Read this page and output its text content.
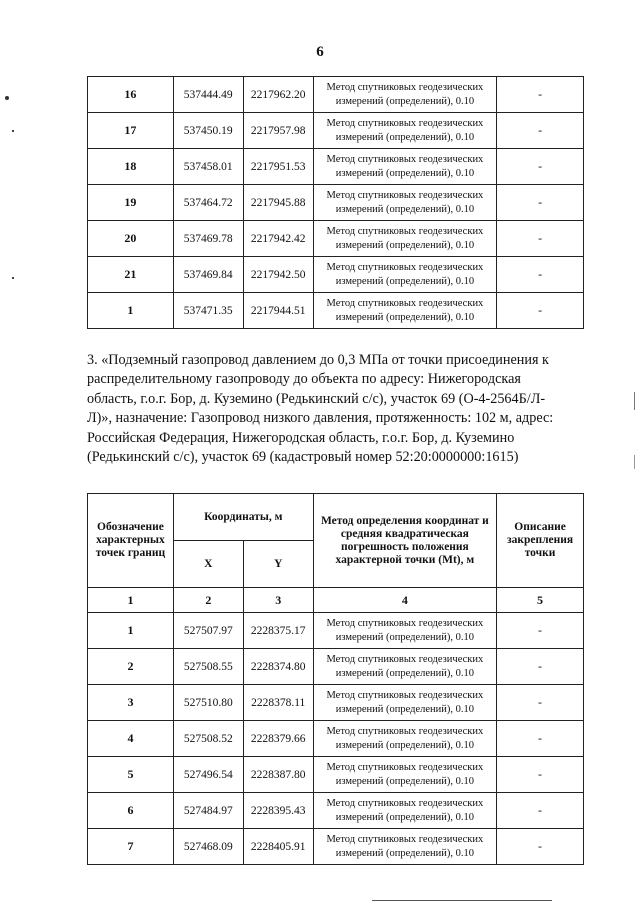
6
16	537444.49	2217962.20	Метод спутниковых геодезических измерений (определений), 0.10	-
17	537450.19	2217957.98	Метод спутниковых геодезических измерений (определений), 0.10	-
18	537458.01	2217951.53	Метод спутниковых геодезических измерений (определений), 0.10	-
19	537464.72	2217945.88	Метод спутниковых геодезических измерений (определений), 0.10	-
20	537469.78	2217942.42	Метод спутниковых геодезических измерений (определений), 0.10	-
21	537469.84	2217942.50	Метод спутниковых геодезических измерений (определений), 0.10	-
1	537471.35	2217944.51	Метод спутниковых геодезических измерений (определений), 0.10	-
3. «Подземный газопровод давлением до 0,3 МПа от точки присоединения к
распределительному газопроводу до объекта по адресу: Нижегородская
область, г.о.г. Бор, д. Куземино (Редькинский с/с), участок 69 (О-4-2564Б/Л-
Л)», назначение: Газопровод низкого давления, протяженность: 102 м, адрес:
Российская Федерация, Нижегородская область, г.о.г. Бор, д. Куземино
(Редькинский с/с), участок 69 (кадастровый номер 52:20:0000000:1615)
Обозначение характерных точек границ	Координаты, м		Метод определения координат и средняя квадратическая погрешность положения характерной точки (Mt), м	Описание закрепления точки
	X	Y		
1	2	3	4	5
1	527507.97	2228375.17	Метод спутниковых геодезических измерений (определений), 0.10	-
2	527508.55	2228374.80	Метод спутниковых геодезических измерений (определений), 0.10	-
3	527510.80	2228378.11	Метод спутниковых геодезических измерений (определений), 0.10	-
4	527508.52	2228379.66	Метод спутниковых геодезических измерений (определений), 0.10	-
5	527496.54	2228387.80	Метод спутниковых геодезических измерений (определений), 0.10	-
6	527484.97	2228395.43	Метод спутниковых геодезических измерений (определений), 0.10	-
7	527468.09	2228405.91	Метод спутниковых геодезических измерений (определений), 0.10	-
